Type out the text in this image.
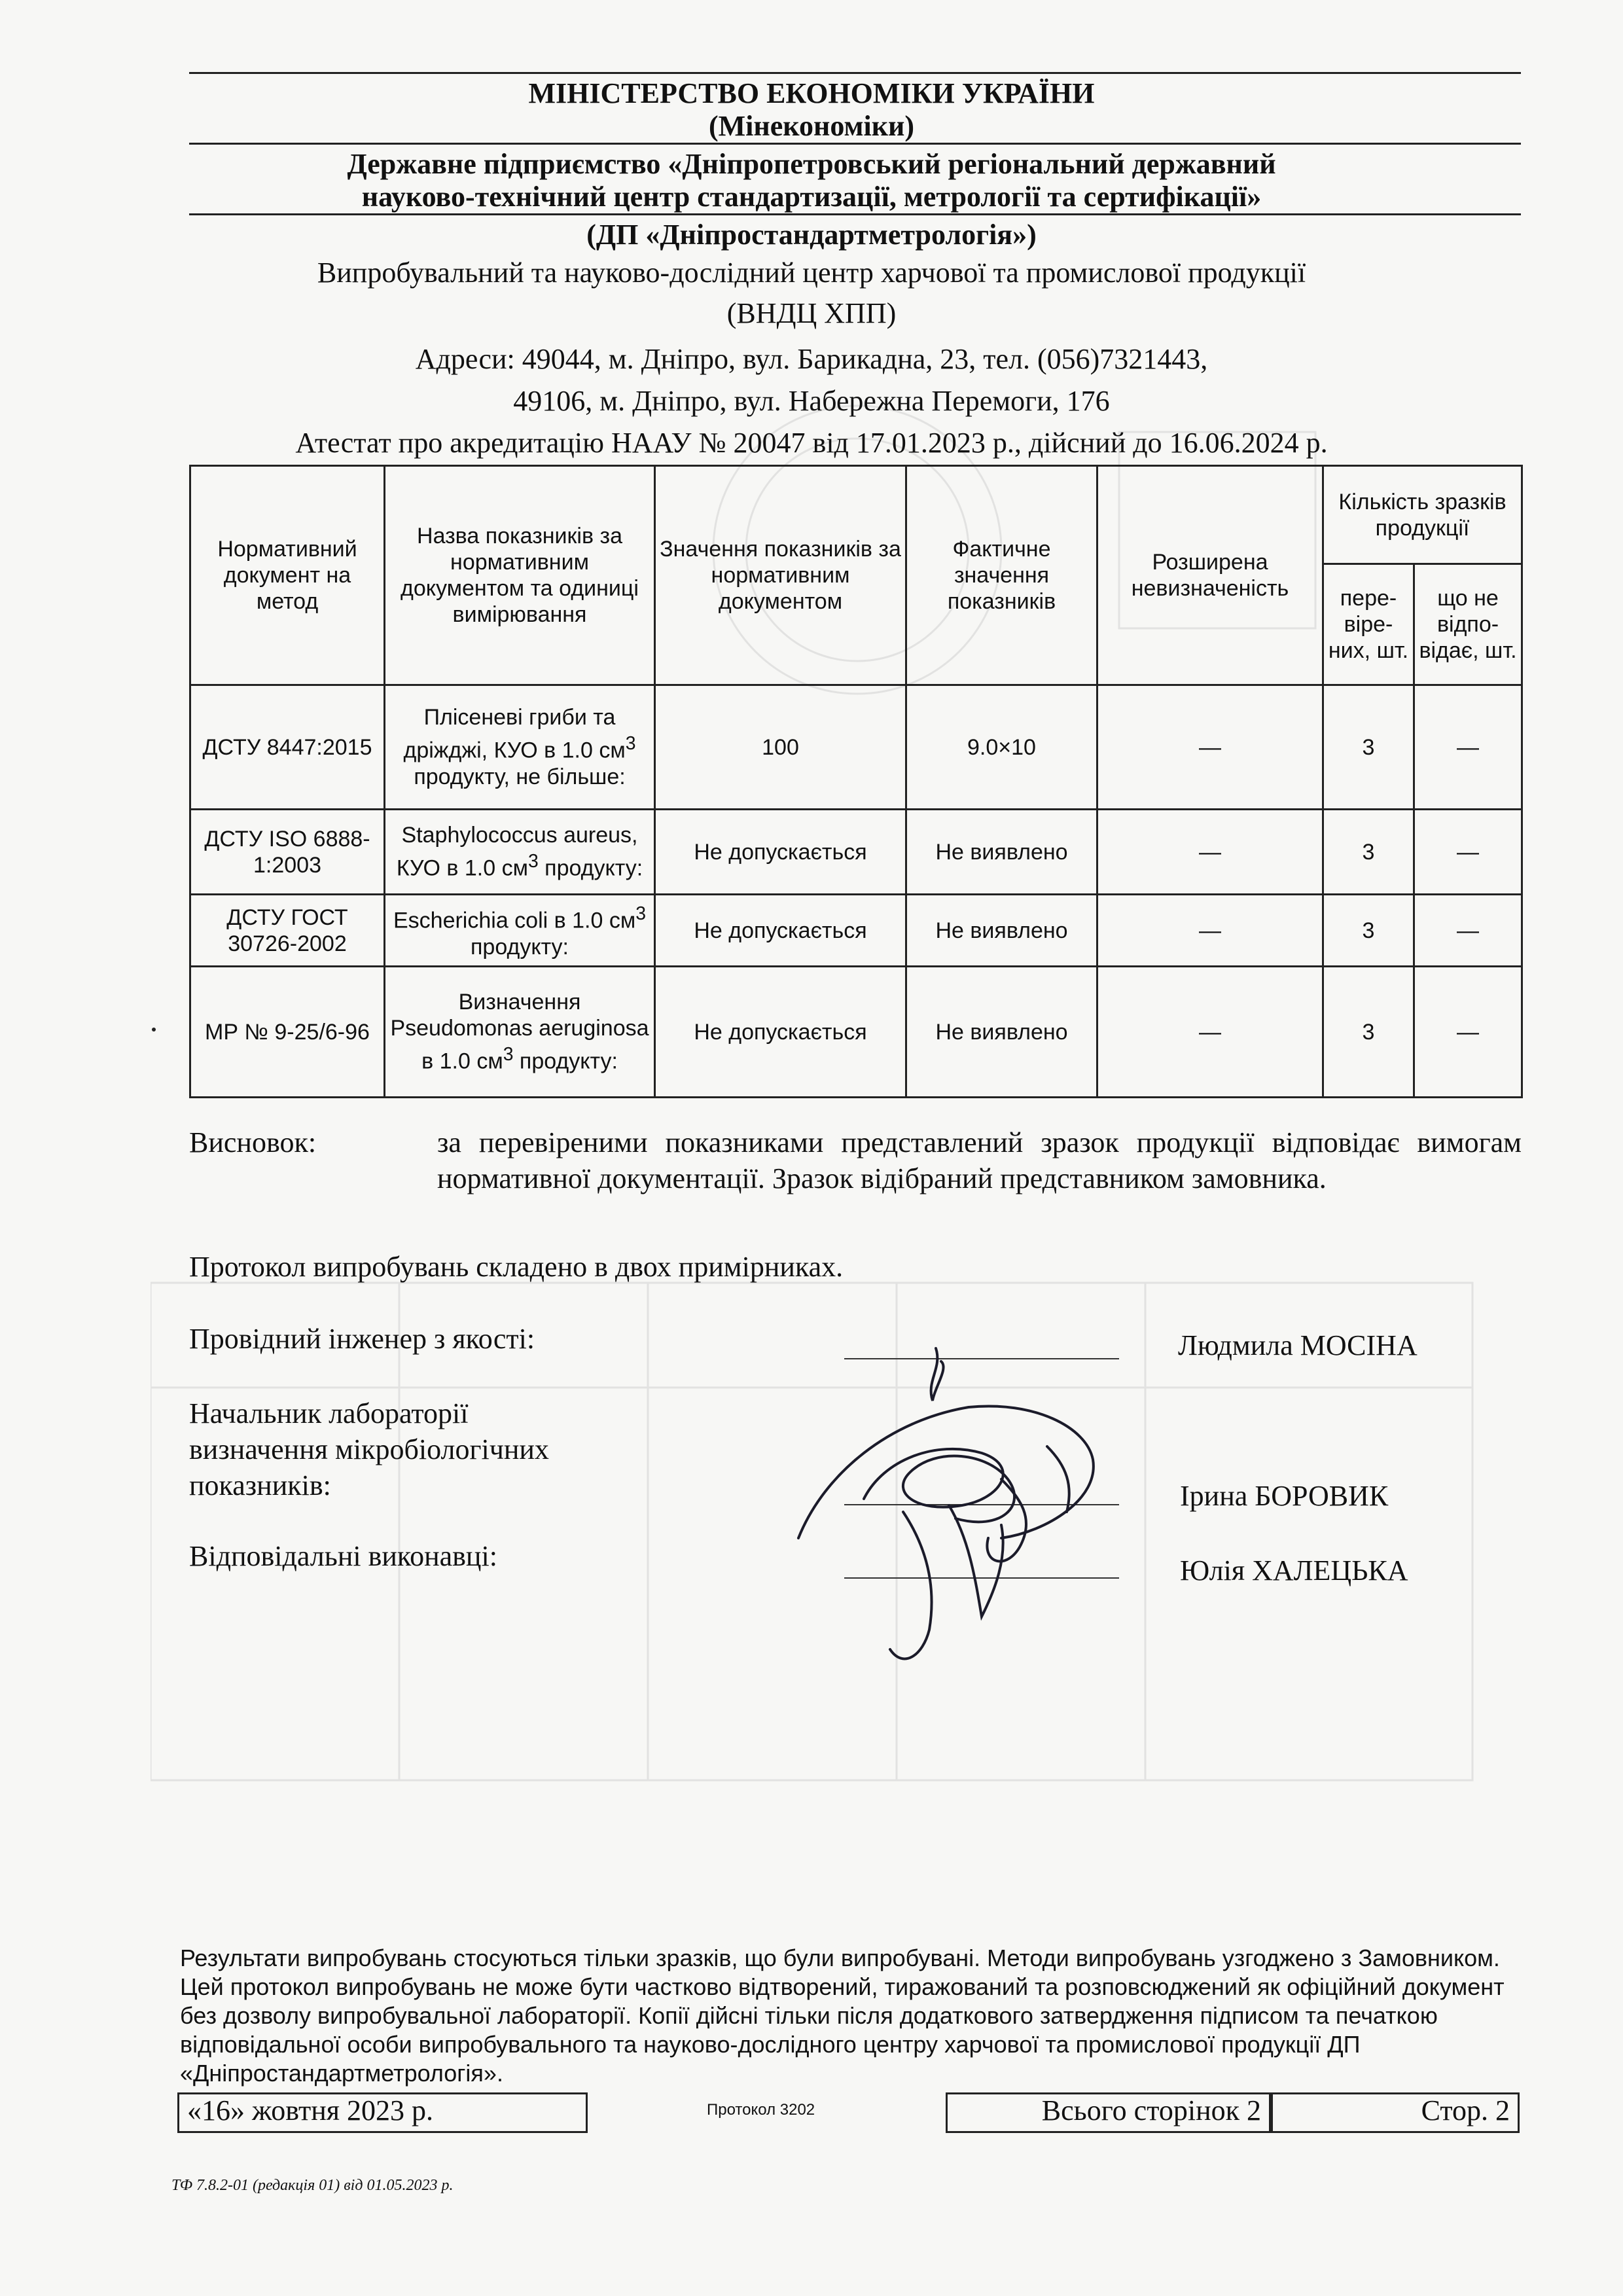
МІНІСТЕРСТВО ЕКОНОМІКИ УКРАЇНИ
(Мінекономіки)
Державне підприємство «Дніпропетровський регіональний державний
науково-технічний центр стандартизації, метрології та сертифікації»
(ДП «Дніпростандартметрологія»)
Випробувальний та науково-дослідний центр харчової та промислової продукції
(ВНДЦ ХПП)
Адреси: 49044, м. Дніпро, вул. Барикадна, 23, тел. (056)7321443,
49106, м. Дніпро, вул. Набережна Перемоги, 176
Атестат про акредитацію НААУ № 20047 від 17.01.2023 р., дійсний до 16.06.2024 р.
Нормативний документ на метод	Назва показників за нормативним документом та одиниці вимірювання	Значення показників за нормативним документом	Фактичне значення показників	Розширена невизначеність	Кількість зразків продукції	
					пере-віре-них, шт.	що не відпо-відає, шт.
ДСТУ 8447:2015	Плісеневі гриби та дріжджі, КУО в 1.0 $см^3$ продукту, не більше:	100	9.0×10	—	3	—
ДСТУ ISO 6888-1:2003	Staphylococcus aureus, КУО в 1.0 $см^3$ продукту:	Не допускається	Не виявлено	—	3	—
ДСТУ ГОСТ 30726-2002	Escherichia coli в 1.0 $см^3$ продукту:	Не допускається	Не виявлено	—	3	—
МР № 9-25/6-96	Визначення Pseudomonas aeruginosa в 1.0 $см^3$ продукту:	Не допускається	Не виявлено	—	3	—
Висновок:	за перевіреними показниками представлений зразок продукції відповідає вимогам нормативної документації. Зразок відібраний представником замовника.
Протокол випробувань складено в двох примірниках.
Провідний інженер з якості:	Людмила МОСІНА
Начальник лабораторії
визначення мікробіологічних
показників:	Ірина БОРОВИК
Відповідальні виконавці:	Юлія ХАЛЕЦЬКА
Результати випробувань стосуються тільки зразків, що були випробувані. Методи випробувань узгоджено з Замовником. Цей протокол випробувань не може бути частково відтворений, тиражований та розповсюджений як офіційний документ без дозволу випробувальної лабораторії. Копії дійсні тільки після додаткового затвердження підписом та печаткою відповідальної особи випробувального та науково-дослідного центру харчової та промислової продукції ДП «Дніпростандартметрологія».
«16» жовтня 2023 р.	Протокол 3202	Всього сторінок 2	Стор. 2
ТФ 7.8.2-01 (редакція 01) від 01.05.2023 р.
